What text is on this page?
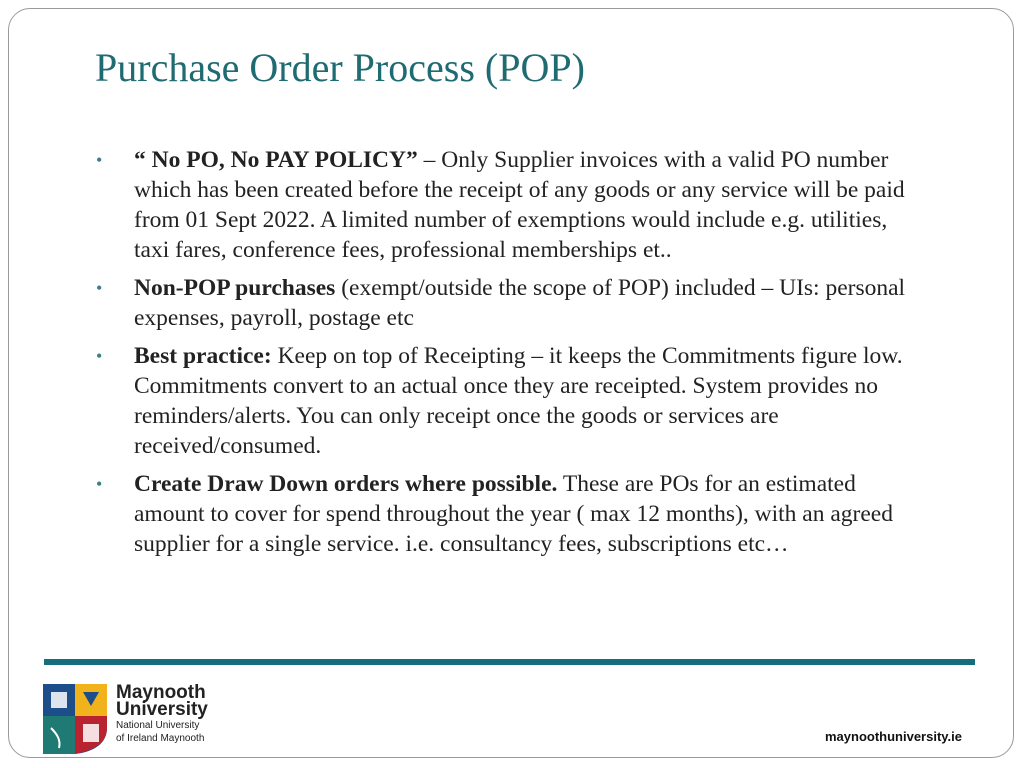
Purchase Order Process (POP)
• “ No PO, No PAY POLICY” – Only Supplier invoices with a valid PO number which has been created before the receipt of any goods or any service will be paid from 01 Sept 2022. A limited number of exemptions would include e.g. utilities, taxi fares, conference fees, professional memberships et..
• Non-POP purchases (exempt/outside the scope of POP) included – UIs: personal expenses, payroll, postage etc
• Best practice: Keep on top of Receipting – it keeps the Commitments figure low. Commitments convert to an actual once they are receipted. System provides no reminders/alerts. You can only receipt once the goods or services are received/consumed.
• Create Draw Down orders where possible. These are POs for an estimated amount to cover for spend throughout the year ( max 12 months), with an agreed supplier for a single service. i.e. consultancy fees, subscriptions etc…
Maynooth
University
National University
of Ireland Maynooth	maynoothuniversity.ie
